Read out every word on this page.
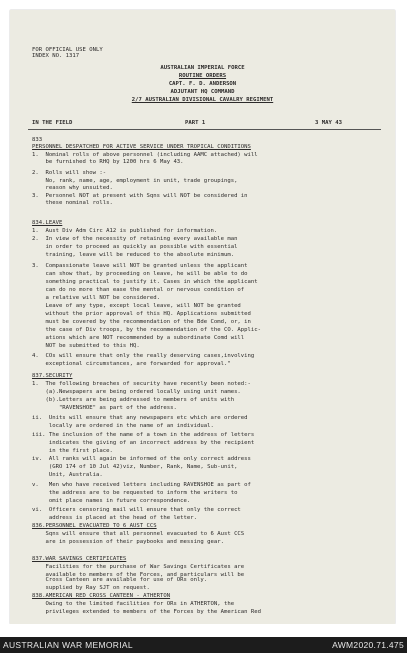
FOR OFFICIAL USE ONLY
INDEX NO. 1317
AUSTRALIAN IMPERIAL FORCE
ROUTINE ORDERS
CAPT. F. D. ANDERSON
ADJUTANT HQ COMMAND
2/7 AUSTRALIAN DIVISIONAL CAVALRY REGIMENT
IN THE FIELD	PART 1	3 MAY 43
833
PERSONNEL DESPATCHED FOR ACTIVE SERVICE UNDER TROPICAL CONDITIONS
1.  Nominal rolls of above personnel (including AAMC attached) will
be furnished to RHQ by 1200 hrs 6 May 43.
2.  Rolls will show :-
No, rank, name, age, employment in unit, trade groupings,
reason why unsuited.
3.  Personnel NOT at present with Sqns will NOT be considered in
these nominal rolls.
834.LEAVE
1.  Aust Div Adm Circ A12 is published for information.
2.  In view of the necessity of retaining every available man
in order to proceed as quickly as possible with essential
training, leave will be reduced to the absolute minimum.
3.  Compassionate leave will NOT be granted unless the applicant
can show that, by proceeding on leave, he will be able to do
something practical to justify it. Cases in which the applicant
can do no more than ease the mental or nervous condition of
a relative will NOT be considered.
Leave of any type, except local leave, will NOT be granted
without the prior approval of this HQ. Applications submitted
must be covered by the recommendation of the Bde Comd, or, in
the case of Div troops, by the recommendation of the CO. Applic-
ations which are NOT recommended by a subordinate Comd will
NOT be submitted to this HQ.
4.  COs will ensure that only the really deserving cases,involving
exceptional circumstances, are forwarded for approval."
837.SECURITY
1.  The following breaches of security have recently been noted:-
(a).Newspapers are being ordered locally using unit names.
(b).Letters are being addressed to members of units with
"RAVENSHOE" as part of the address.
ii.  Units will ensure that any newspapers etc which are ordered
locally are ordered in the name of an individual.
iii. The inclusion of the name of a town in the address of letters
indicates the giving of an incorrect address by the recipient
in the first place.
iv.  All ranks will again be informed of the only correct address
(GRO 174 of 10 Jul 42)viz, Number, Rank, Name, Sub-unit,
Unit, Australia.
v.   Men who have received letters including RAVENSHOE as part of
the address are to be requested to inform the writers to
omit place names in future correspondence.
vi.  Officers censoring mail will ensure that only the correct
address is placed at the head of the letter.
836.PERSONNEL EVACUATED TO 6 AUST CCS
Sqns will ensure that all personnel evacuated to 6 Aust CCS
are in possession of their paybooks and messing gear.
837.WAR SAVINGS CERTIFICATES
Facilities for the purchase of War Savings Certificates are
available to members of the Forces, and particulars will be
supplied by Ray SJT on request.
838.AMERICAN RED CROSS CANTEEN - ATHERTON
Owing to the limited facilities for ORs in ATHERTON, the
privileges extended to members of the Forces by the American Red
Cross Canteen are available for use of ORs only.
AUSTRALIAN WAR MEMORIAL	AWM2020.71.475
